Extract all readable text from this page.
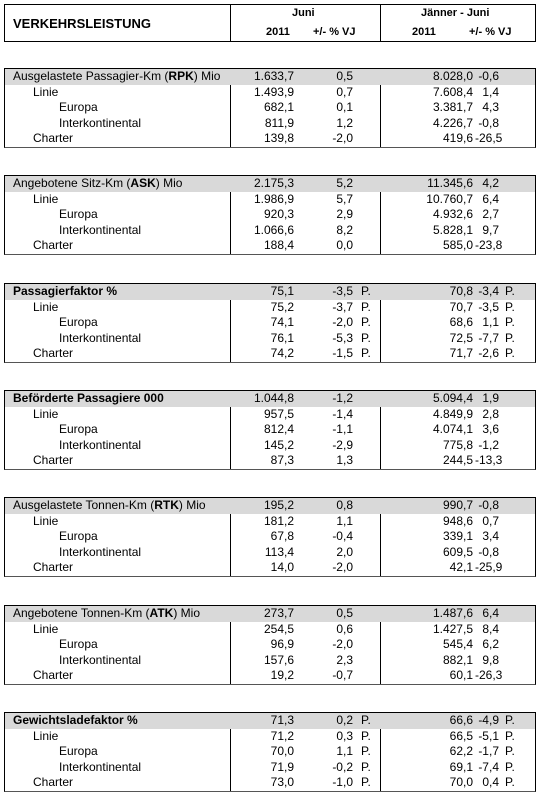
VERKEHRSLEISTUNG
Juni	Jänner - Juni
2011 +/- % VJ	2011	+/- % VJ
Ausgelastete Passagier-Km (RPK) Mio	1.633,7	0,5	8.028,0 -0,6
Linie	1.493,9	0,7	7.608,4 1,4
Europa	682,1	0,1	3.381,7 4,3
Interkontinental	811,9	1,2	4.226,7 -0,8
Charter	139,8	-2,0	419,6 -26,5
Angebotene Sitz-Km (ASK) Mio	2.175,3	5,2	11.345,6 4,2
Linie	1.986,9	5,7	10.760,7 6,4
Europa	920,3	2,9	4.932,6 2,7
Interkontinental	1.066,6	8,2	5.828,1 9,7
Charter	188,4	0,0	585,0 -23,8
Passagierfaktor %	75,1	-3,5 P.	70,8 -3,4 P.
Linie	75,2	-3,7 P.	70,7 -3,5 P.
Europa	74,1	-2,0 P.	68,6 1,1 P.
Interkontinental	76,1	-5,3 P.	72,5 -7,7 P.
Charter	74,2	-1,5 P.	71,7 -2,6 P.
Beförderte Passagiere 000	1.044,8	-1,2	5.094,4 1,9
Linie	957,5	-1,4	4.849,9 2,8
Europa	812,4	-1,1	4.074,1 3,6
Interkontinental	145,2	-2,9	775,8 -1,2
Charter	87,3	1,3	244,5 -13,3
Ausgelastete Tonnen-Km (RTK) Mio	195,2	0,8	990,7 -0,8
Linie	181,2	1,1	948,6 0,7
Europa	67,8	-0,4	339,1 3,4
Interkontinental	113,4	2,0	609,5 -0,8
Charter	14,0	-2,0	42,1 -25,9
Angebotene Tonnen-Km (ATK) Mio	273,7	0,5	1.487,6 6,4
Linie	254,5	0,6	1.427,5 8,4
Europa	96,9	-2,0	545,4 6,2
Interkontinental	157,6	2,3	882,1 9,8
Charter	19,2	-0,7	60,1 -26,3
Gewichtsladefaktor %	71,3	0,2 P.	66,6 -4,9 P.
Linie	71,2	0,3 P.	66,5 -5,1 P.
Europa	70,0	1,1 P.	62,2 -1,7 P.
Interkontinental	71,9	-0,2 P.	69,1 -7,4 P.
Charter	73,0	-1,0 P.	70,0 0,4 P.
